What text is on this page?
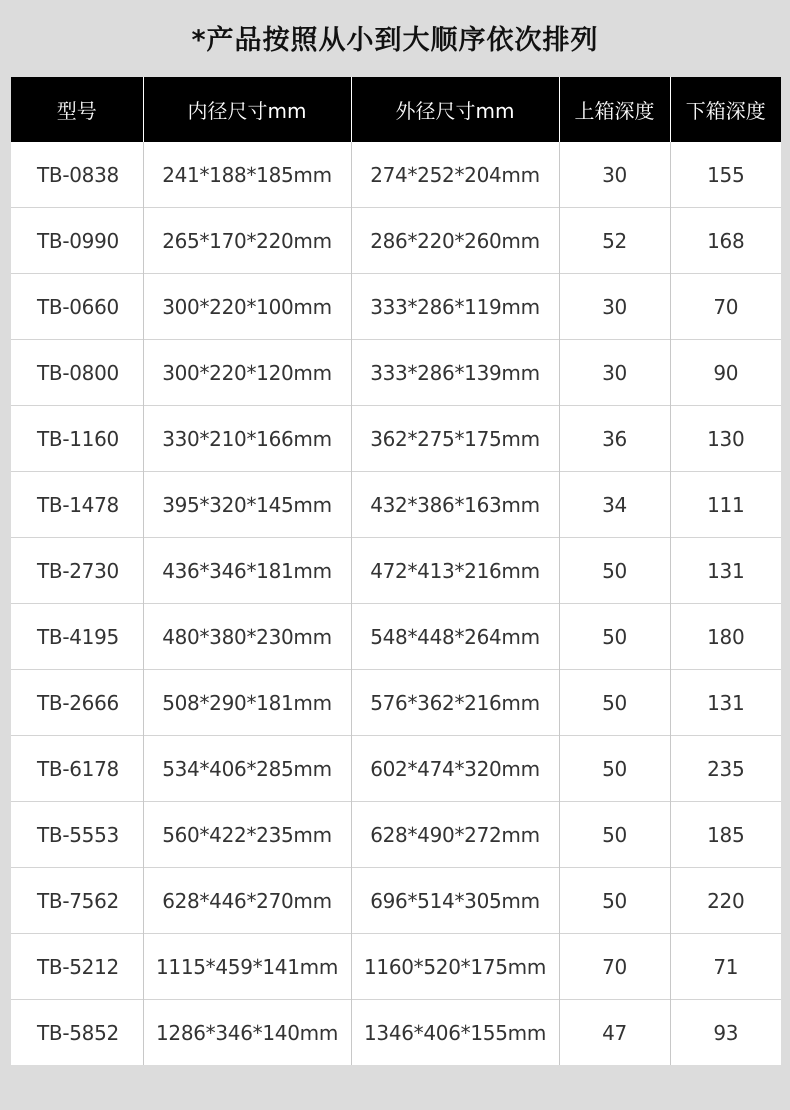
*产品按照从小到大顺序依次排列
型号	内径尺寸mm	外径尺寸mm	上箱深度	下箱深度
TB-0838	241*188*185mm	274*252*204mm	30	155
TB-0990	265*170*220mm	286*220*260mm	52	168
TB-0660	300*220*100mm	333*286*119mm	30	70
TB-0800	300*220*120mm	333*286*139mm	30	90
TB-1160	330*210*166mm	362*275*175mm	36	130
TB-1478	395*320*145mm	432*386*163mm	34	111
TB-2730	436*346*181mm	472*413*216mm	50	131
TB-4195	480*380*230mm	548*448*264mm	50	180
TB-2666	508*290*181mm	576*362*216mm	50	131
TB-6178	534*406*285mm	602*474*320mm	50	235
TB-5553	560*422*235mm	628*490*272mm	50	185
TB-7562	628*446*270mm	696*514*305mm	50	220
TB-5212	1115*459*141mm	1160*520*175mm	70	71
TB-5852	1286*346*140mm	1346*406*155mm	47	93
